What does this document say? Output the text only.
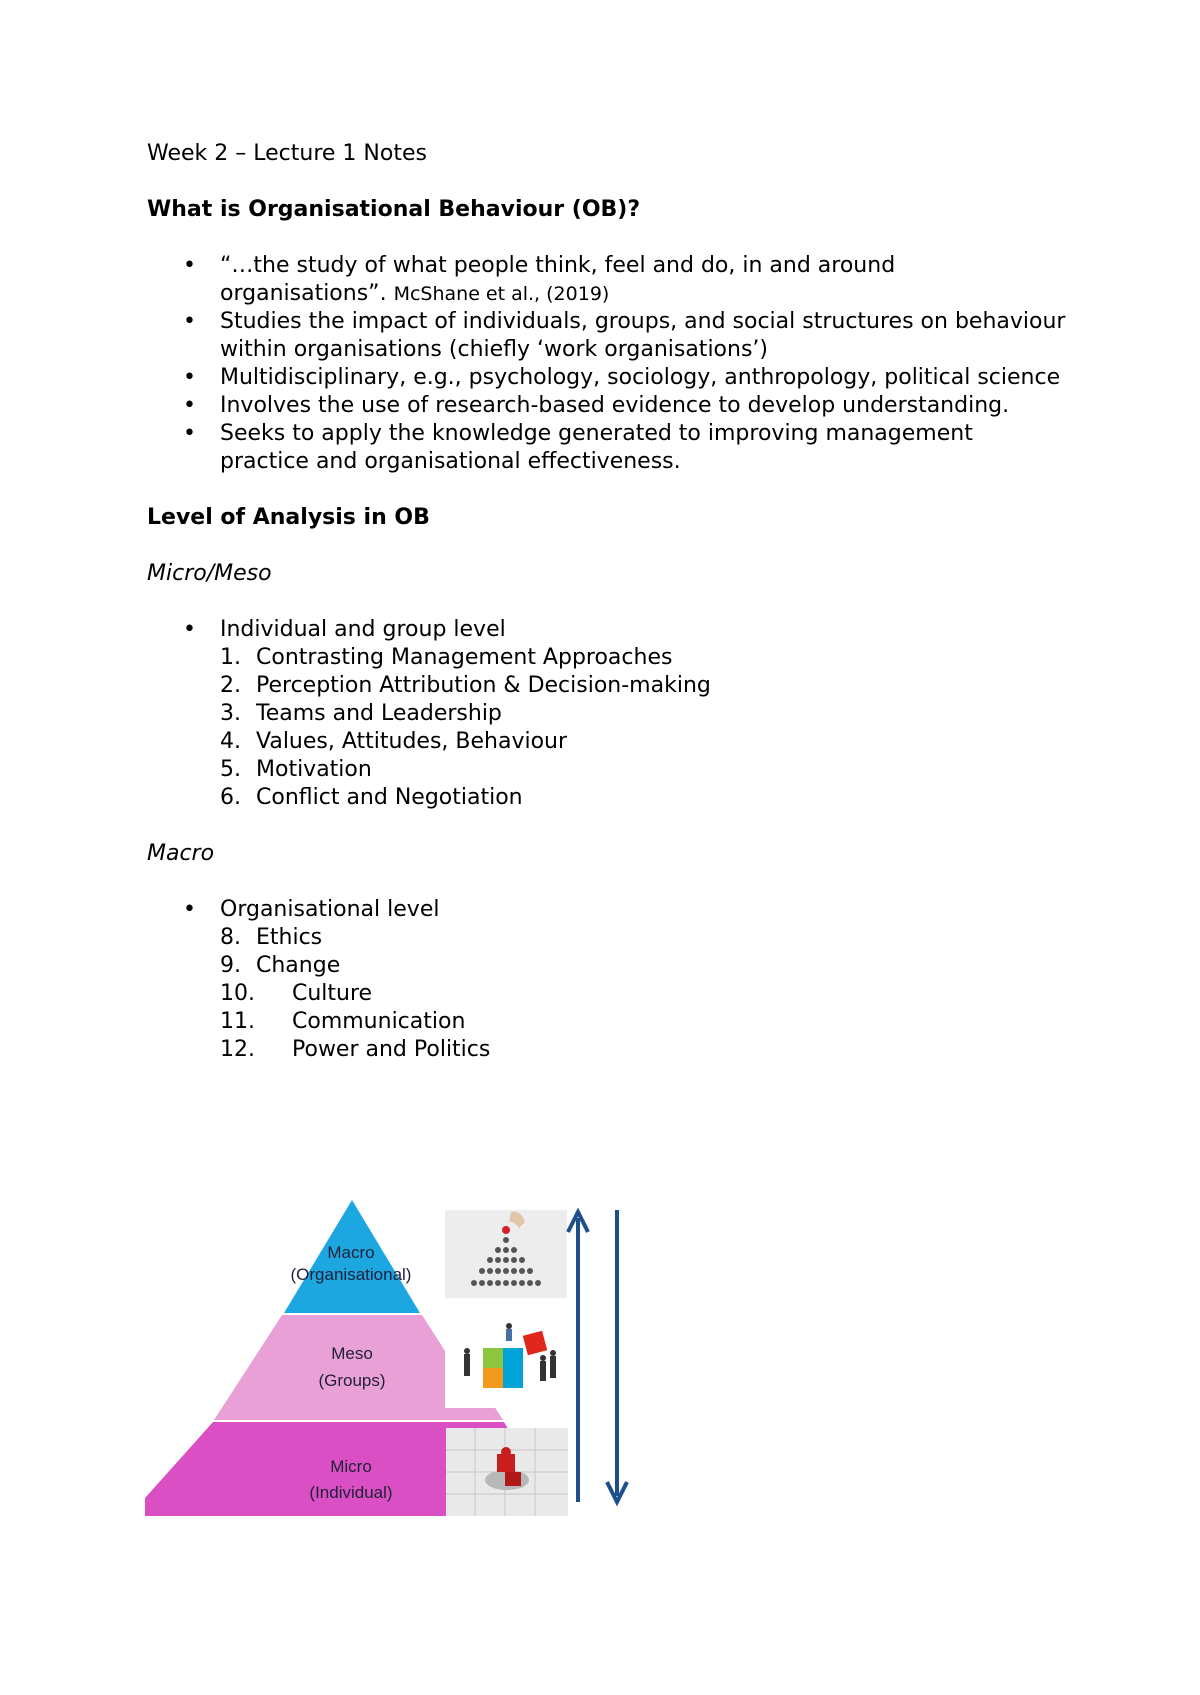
Week 2 – Lecture 1 Notes

What is Organisational Behaviour (OB)?

• “…the study of what people think, feel and do, in and around organisations”. McShane et al., (2019)
• Studies the impact of individuals, groups, and social structures on behaviour within organisations (chiefly ‘work organisations’)
• Multidisciplinary, e.g., psychology, sociology, anthropology, political science
• Involves the use of research-based evidence to develop understanding.
• Seeks to apply the knowledge generated to improving management practice and organisational effectiveness.

Level of Analysis in OB

Micro/Meso

• Individual and group level
1. Contrasting Management Approaches
2. Perception Attribution & Decision-making
3. Teams and Leadership
4. Values, Attitudes, Behaviour
5. Motivation
6. Conflict and Negotiation

Macro

• Organisational level
8. Ethics
9. Change
10.	Culture
11.	Communication
12.	Power and Politics
Macro
(Organisational)
Meso
(Groups)
Micro
(Individual)
